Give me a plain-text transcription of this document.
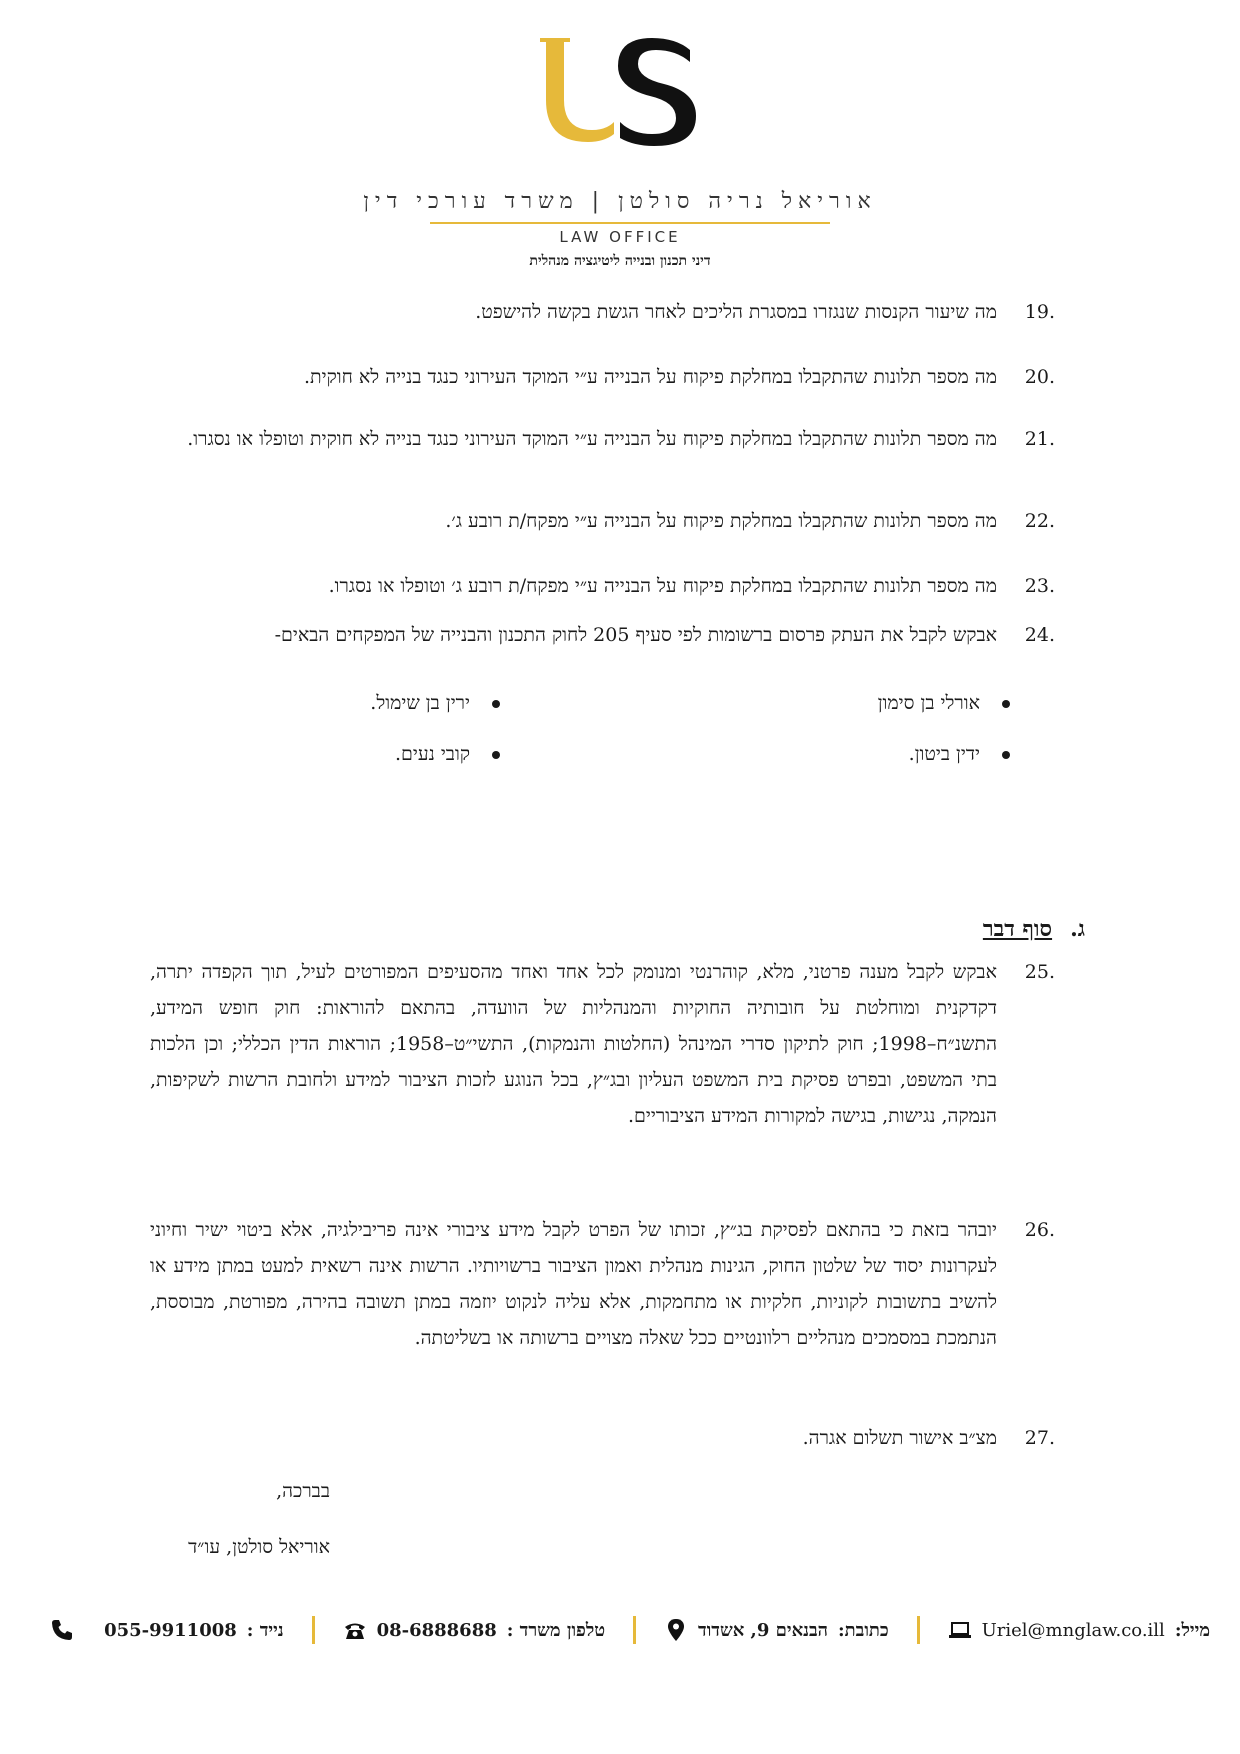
אוריאל נריה סולטן | משרד עורכי דין
LAW OFFICE
דיני תכנון ובנייה ליטיגציה מנהלית
19.
מה שיעור הקנסות שנגזרו במסגרת הליכים לאחר הגשת בקשה להישפט.
20.
מה מספר תלונות שהתקבלו במחלקת פיקוח על הבנייה ע״י המוקד העירוני כנגד בנייה לא חוקית.
21.
מה מספר תלונות שהתקבלו במחלקת פיקוח על הבנייה ע״י המוקד העירוני כנגד בנייה לא חוקית וטופלו או נסגרו.
22.
מה מספר תלונות שהתקבלו במחלקת פיקוח על הבנייה ע״י מפקח/ת רובע ג׳.
23.
מה מספר תלונות שהתקבלו במחלקת פיקוח על הבנייה ע״י מפקח/ת רובע ג׳ וטופלו או נסגרו.
24.
אבקש לקבל את העתק פרסום ברשומות לפי סעיף 205 לחוק התכנון והבנייה של המפקחים הבאים-
אורלי בן סימון
ירין בן שימול.
ידין ביטון.
קובי נעים.
ג.סוף דבר
25.
אבקש לקבל מענה פרטני, מלא, קוהרנטי ומנומק לכל אחד ואחד מהסעיפים המפורטים לעיל, תוך הקפדה יתרה, דקדקנית ומוחלטת על חובותיה החוקיות והמנהליות של הוועדה, בהתאם להוראות: חוק חופש המידע, התשנ״ח–1998; חוק לתיקון סדרי המינהל (החלטות והנמקות), התשי״ט–1958; הוראות הדין הכללי; וכן הלכות בתי המשפט, ובפרט פסיקת בית המשפט העליון ובג״ץ, בכל הנוגע לזכות הציבור למידע ולחובת הרשות לשקיפות, הנמקה, נגישות, בגישה למקורות המידע הציבוריים.
26.
יובהר בזאת כי בהתאם לפסיקת בג״ץ, זכותו של הפרט לקבל מידע ציבורי אינה פריבילגיה, אלא ביטוי ישיר וחיוני לעקרונות יסוד של שלטון החוק, הגינות מנהלית ואמון הציבור ברשויותיו. הרשות אינה רשאית למעט במתן מידע או להשיב בתשובות לקוניות, חלקיות או מתחמקות, אלא עליה לנקוט יוזמה במתן תשובה בהירה, מפורטת, מבוססת, הנתמכת במסמכים מנהליים רלוונטיים ככל שאלה מצויים ברשותה או בשליטתה.
27.
מצ״ב אישור תשלום אגרה.
בברכה,
אוריאל סולטן, עו״ד
מייל:
Uriel@mnglaw.co.ill
כתובת:
הבנאים 9, אשדוד
טלפון משרד :
08-6888688
נייד :
055-9911008
